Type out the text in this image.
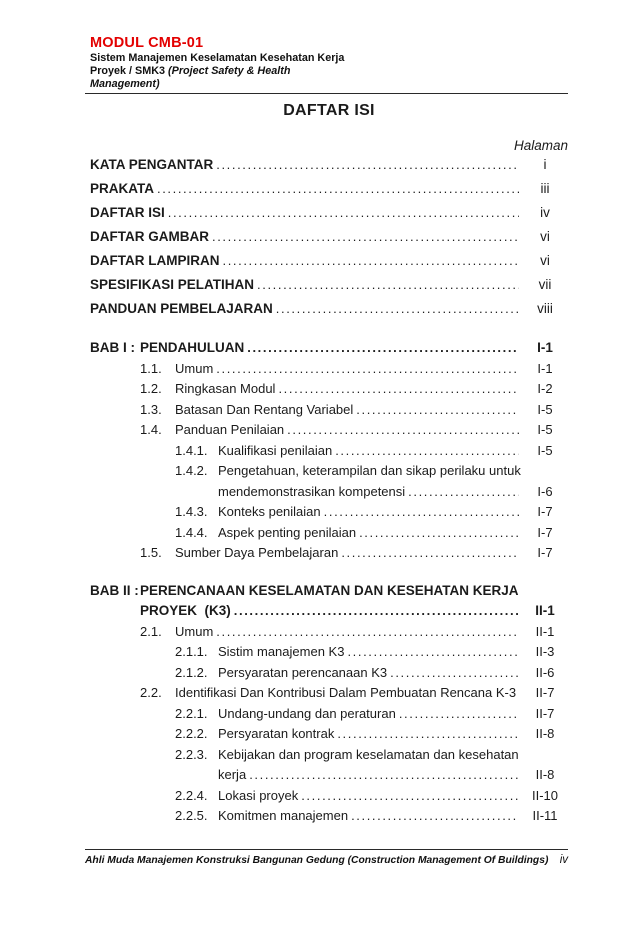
MODUL CMB-01
Sistem Manajemen Keselamatan Kesehatan Kerja
Proyek / SMK3 (Project Safety & Health
Management)
DAFTAR ISI
Halaman
KATA PENGANTAR .....	i
PRAKATA .....	iii
DAFTAR ISI .....	iv
DAFTAR GAMBAR .....	vi
DAFTAR LAMPIRAN .....	vi
SPESIFIKASI PELATIHAN .....	vii
PANDUAN PEMBELAJARAN .....	viii
BAB I : PENDAHULUAN .....	I-1
1.1.	Umum .....	I-1
1.2.	Ringkasan Modul .....	I-2
1.3.	Batasan Dan Rentang Variabel .....	I-5
1.4.	Panduan Penilaian .....	I-5
1.4.1. Kualifikasi penilaian .....	I-5
1.4.2. Pengetahuan, keterampilan dan sikap perilaku untuk
mendemonstrasikan kompetensi .....	I-6
1.4.3. Konteks penilaian .....	I-7
1.4.4. Aspek penting penilaian .....	I-7
1.5.	Sumber Daya Pembelajaran .....	I-7
BAB II : PERENCANAAN KESELAMATAN DAN KESEHATAN KERJA
PROYEK  (K3) .....	II-1
2.1.	Umum .....	II-1
2.1.1. Sistim manajemen K3 .....	II-3
2.1.2. Persyaratan perencanaan K3 .....	II-6
2.2.	Identifikasi Dan Kontribusi Dalam Pembuatan Rencana K-3	II-7
2.2.1. Undang-undang dan peraturan .....	II-7
2.2.2. Persyaratan kontrak .....	II-8
2.2.3. Kebijakan dan program keselamatan dan kesehatan
kerja .....	II-8
2.2.4. Lokasi proyek .....	II-10
2.2.5. Komitmen manajemen .....	II-11
Ahli Muda Manajemen Konstruksi Bangunan Gedung (Construction Management Of Buildings) iv
